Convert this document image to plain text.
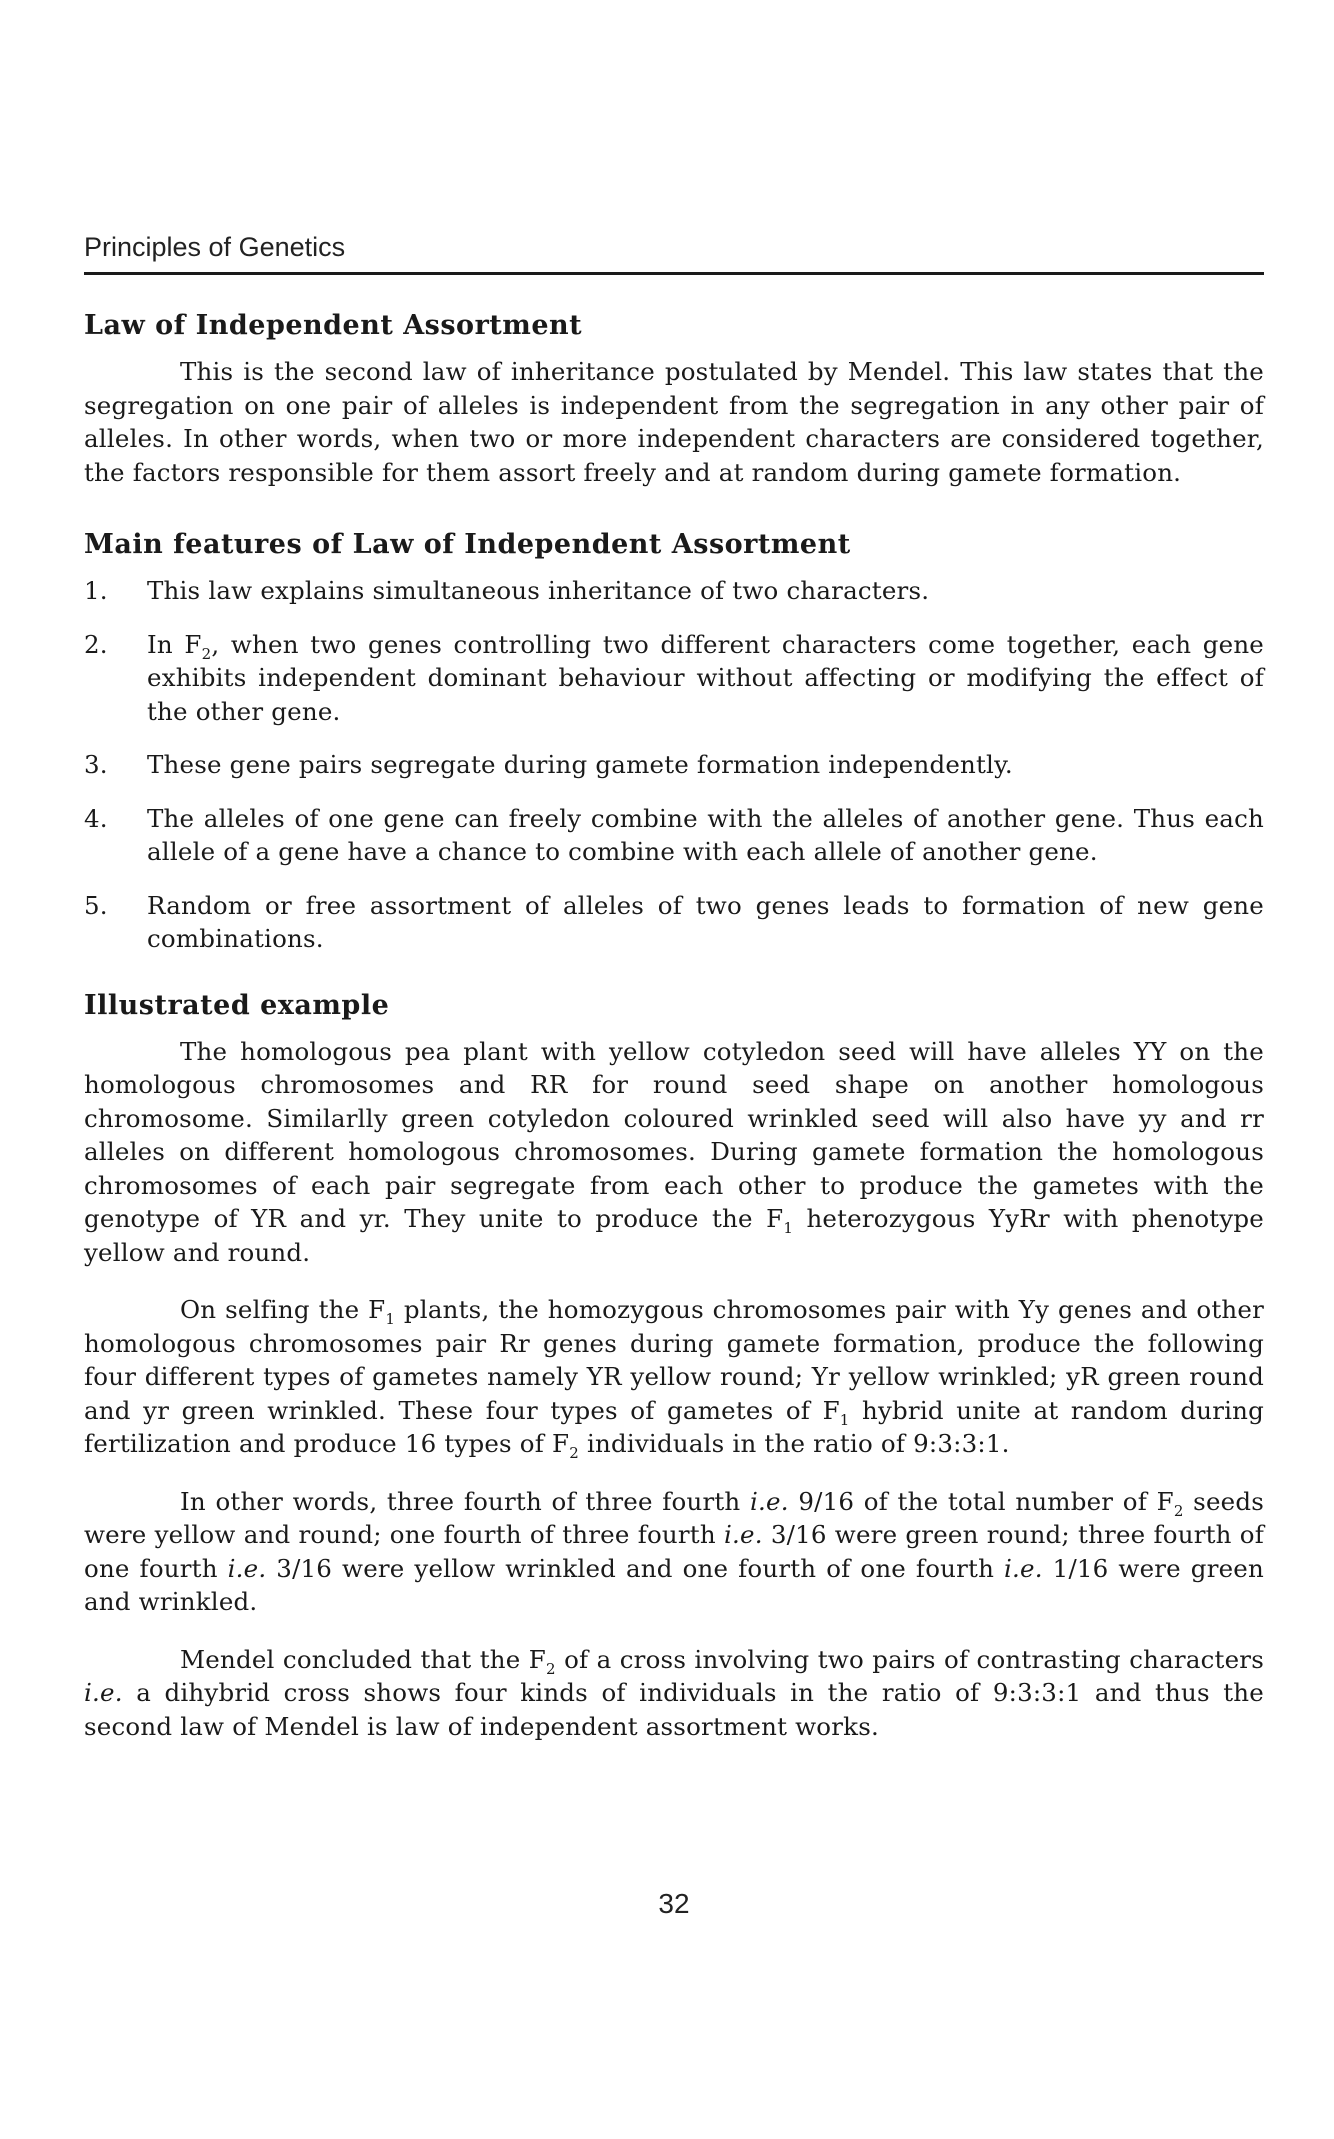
Principles of Genetics
Law of Independent Assortment

This is the second law of inheritance postulated by Mendel. This law states that the segregation on one pair of alleles is independent from the segregation in any other pair of alleles. In other words, when two or more independent characters are considered together, the factors responsible for them assort freely and at random during gamete formation.

Main features of Law of Independent Assortment
1. This law explains simultaneous inheritance of two characters.
2. In $F_2$, when two genes controlling two different characters come together, each gene exhibits independent dominant behaviour without affecting or modifying the effect of the other gene.
3. These gene pairs segregate during gamete formation independently.
4. The alleles of one gene can freely combine with the alleles of another gene. Thus each allele of a gene have a chance to combine with each allele of another gene.
5. Random or free assortment of alleles of two genes leads to formation of new gene combinations.
Illustrated example

The homologous pea plant with yellow cotyledon seed will have alleles YY on the homologous chromosomes and RR for round seed shape on another homologous chromosome. Similarlly green cotyledon coloured wrinkled seed will also have yy and rr alleles on different homologous chromosomes. During gamete formation the homologous chromosomes of each pair segregate from each other to produce the gametes with the genotype of YR and yr. They unite to produce the $F_1$ heterozygous YyRr with phenotype yellow and round.

On selfing the $F_1$ plants, the homozygous chromosomes pair with Yy genes and other homologous chromosomes pair Rr genes during gamete formation, produce the following four different types of gametes namely YR yellow round; Yr yellow wrinkled; yR green round and yr green wrinkled. These four types of gametes of $F_1$ hybrid unite at random during fertilization and produce 16 types of $F_2$ individuals in the ratio of 9:3:3:1.

In other words, three fourth of three fourth i.e. 9/16 of the total number of $F_2$ seeds were yellow and round; one fourth of three fourth i.e. 3/16 were green round; three fourth of one fourth i.e. 3/16 were yellow wrinkled and one fourth of one fourth i.e. 1/16 were green and wrinkled.

Mendel concluded that the $F_2$ of a cross involving two pairs of contrasting characters i.e. a dihybrid cross shows four kinds of individuals in the ratio of 9:3:3:1 and thus the second law of Mendel is law of independent assortment works.

32
